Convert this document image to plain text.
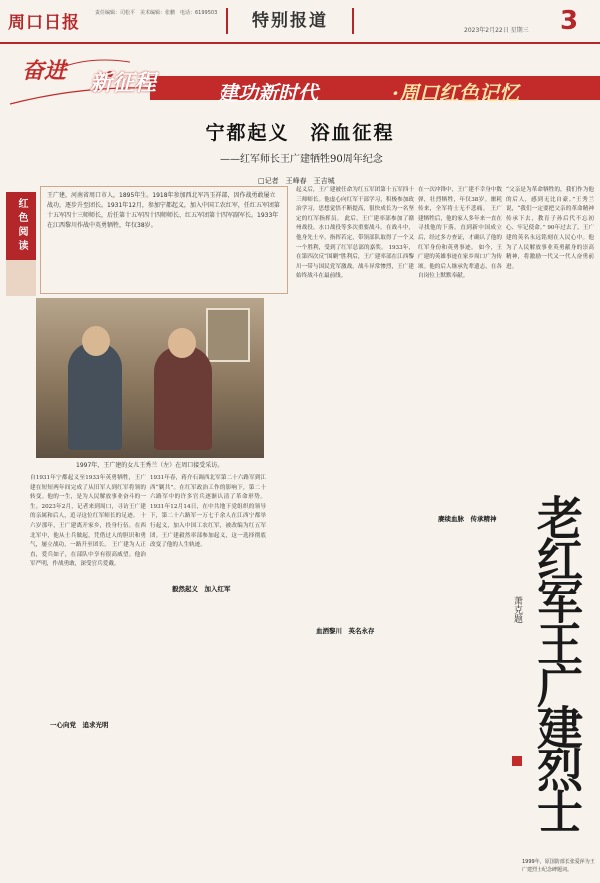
周口日报	责任编辑：司松平　美术编辑：张鹏　电话：6199503	特别报道	2023年2月22日 星期三 3
奋进 新征程	建功新时代	·周口红色记忆
宁都起义　浴血征程
——红军师长王广建牺牲90周年纪念
□记者　王峰春　王吉城
红色阅读
王广建，河南省周口市人，1895年生。1918年参加西北军冯玉祥部，因作战勇敢屡立战功，逐步升至团长。1931年12月，参加宁都起义，加入中国工农红军，任红五军团第十五军四十三师师长，后任第十五军四十四师师长、红五军团第十四军副军长。1933年在江西黎川作战中英勇牺牲，年仅38岁。
1997年，王广建的女儿王秀兰（左）在周口接受采访。
自1931年宁都起义至1933年英勇牺牲，王广建在短短两年间完成了从旧军人到红军将领的转变。他的一生，是为人民解放事业奋斗的一生。2023年2月，记者来到周口，寻访王广建的亲属和后人，追寻这位红军师长的足迹。 十六岁那年，王广建离开家乡，投身行伍。在西北军中，他从士兵做起，凭借过人的胆识和勇气，屡立战功，一路升至团长。 王广建为人正直，爱兵如子，在部队中享有很高威望。他治军严明，作战勇敢，深受官兵爱戴。
一心向党　追求光明
1931年春，蒋介石调西北军第二十六路军到江西“剿共”。在红军政治工作的影响下，第二十六路军中的许多官兵逐渐认清了革命形势。 1931年12月14日，在中共地下党组织的领导下，第二十六路军一万七千余人在江西宁都举行起义，加入中国工农红军，被改编为红五军团。王广建毅然率部参加起义，这一选择彻底改变了他的人生轨迹。
毅然起义　加入红军
起义后，王广建被任命为红五军团第十五军四十三师师长。他虚心向红军干部学习，积极参加政治学习，思想觉悟不断提高，很快成长为一名坚定的红军指挥员。 此后，王广建率部参加了赣州战役、水口战役等多次重要战斗。在战斗中，他身先士卒，指挥若定，带领部队取得了一个又一个胜利，受到了红军总部的嘉奖。 1933年，在第四次反“围剿”胜利后，王广建率部在江西黎川一带与国民党军激战。战斗异常惨烈，王广建始终战斗在最前线。
血洒黎川　英名永存
在一次冲锋中，王广建不幸身中数弹，壮烈牺牲，年仅38岁。噩耗传来，全军将士无不悲痛。 王广建牺牲后，他的家人多年来一直在寻找他的下落。直到新中国成立后，经过多方查证，才确认了他的红军身份和英勇事迹。 如今，王广建的英雄事迹在家乡周口广为传颂。他的后人继承先辈遗志，在各自岗位上默默奉献。
赓续血脉　传承精神
“父亲是为革命牺牲的，我们作为他的后人，感到无比自豪。”王秀兰说，“我们一定要把父亲的革命精神传承下去，教育子孙后代不忘初心、牢记使命。” 90年过去了，王广建的英名永远铭刻在人民心中。他为了人民解放事业英勇献身的崇高精神，将激励一代又一代人奋勇前进。
老红军王广建烈士
萧克题
1999年，原国防部长张爱萍为王广建烈士纪念碑题词。
